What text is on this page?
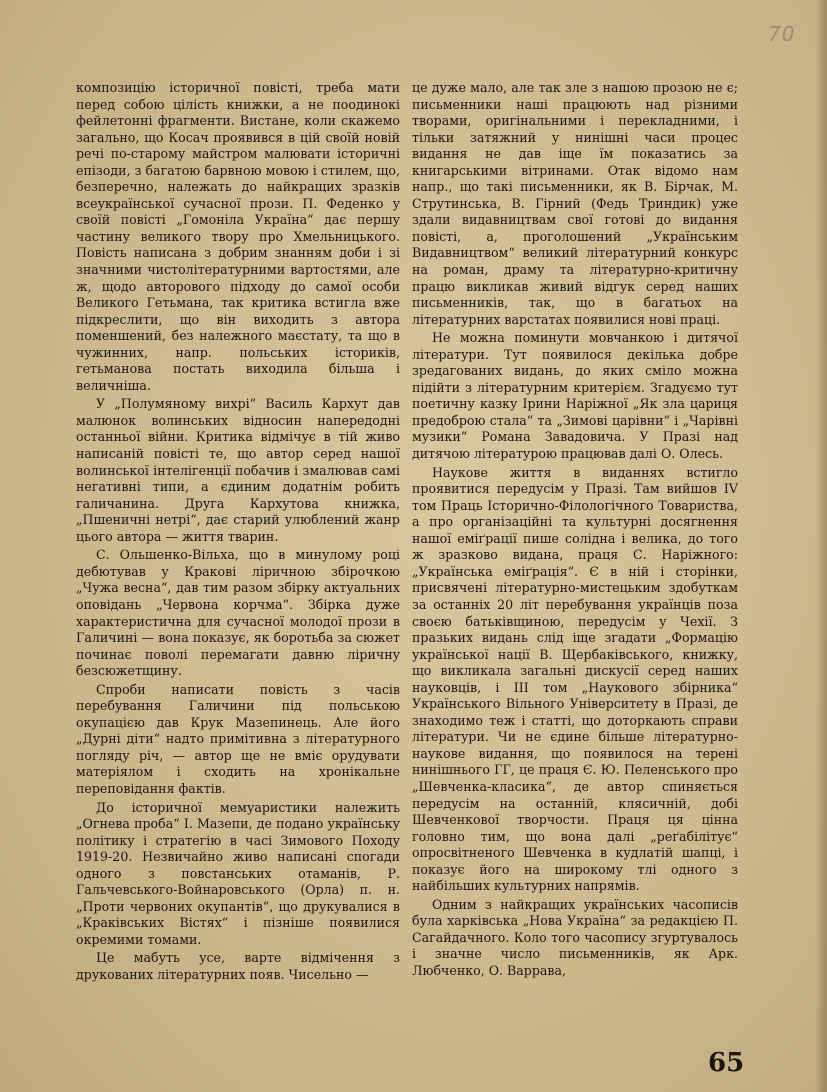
70

композицію історичної повісті, треба мати перед собою цілість книжки, а не поодинокі фейлетонні фрагменти. Вистане, коли скажемо загально, що Косач проявився в цій своїй новій речі по-старому майстром малювати історичні епізоди, з багатою барвною мовою і стилем, що, безперечно, належать до найкращих зразків всеукраїнської сучасної прози. П. Феденко у своїй повісті „Гомоніла Україна“ дає першу частину великого твору про Хмельницького. Повість написана з добрим знанням доби і зі значними чистолітературними вартостями, але ж, щодо авторового підходу до самої особи Великого Гетьмана, так критика встигла вже підкреслити, що він виходить з автора поменшений, без належного маєстату, та що в чужинних, напр. польських істориків, гетьманова постать виходила більша і величніша.

У „Полумяному вихрі“ Василь Кархут дав малюнок волинських відносин напередодні останньої війни. Критика відмічує в тій живо написаній повісті те, що автор серед нашої волинської інтелігенції побачив і змалював самі негативні типи, а єдиним додатнім робить галичанина. Друга Кархутова книжка, „Пшеничні нетрі“, дає старий улюблений жанр цього автора — життя тварин.

С. Ольшенко-Вільха, що в минулому році дебютував у Кракові ліричною збірочкою „Чужа весна“, дав тим разом збірку актуальних оповідань „Червона корчма“. Збірка дуже характеристична для сучасної молодої прози в Галичині — вона показує, як боротьба за сюжет починає поволі перемагати давню ліричну безсюжетщину.

Спроби написати повість з часів перебування Галичини під польською окупацією дав Крук Мазепинець. Але його „Дурні діти“ надто примітивна з літературного погляду річ, — автор ще не вміє орудувати матеріялом і сходить на хронікальне переповідання фактів.

До історичної мемуаристики належить „Огнева проба“ І. Мазепи, де подано українську політику і стратегію в часі Зимового Походу 1919-20. Незвичайно живо написані спогади одного з повстанських отаманів, Р. Гальчевського-Войнаровського (Орла) п. н. „Проти червоних окупантів“, що друкувалися в „Краківських Вістях“ і пізніше появилися окремими томами.

Це мабуть усе, варте відмічення з друкованих літературних появ. Чисельно —

це дуже мало, але так зле з нашою прозою не є; письменники наші працюють над різними творами, оригінальними і перекладними, і тільки затяжний у нинішні часи процес видання не дав іще їм показатись за книгарськими вітринами. Отак відомо нам напр., що такі письменники, як В. Бірчак, М. Струтинська, В. Гірний (Федь Триндик) уже здали видавництвам свої готові до видання повісті, а, проголошений „Українським Видавництвом“ великий літературний конкурс на роман, драму та літературно-критичну працю викликав живий відгук серед наших письменників, так, що в багатьох на літературних варстатах появилися нові праці.

Не можна поминути мовчанкою і дитячої літератури. Тут появилося декілька добре зредагованих видань, до яких сміло можна підійти з літературним критерієм. Згадуємо тут поетичну казку Ірини Наріжної „Як зла цариця предоброю стала“ та „Зимові царівни“ і „Чарівні музики“ Романа Завадовича. У Празі над дитячою літературою працював далі О. Олесь.

Наукове життя в виданнях встигло проявитися передусім у Празі. Там вийшов IV том Праць Історично-Філологічного Товариства, а про організаційні та культурні досягнення нашої еміґрації пише солідна і велика, до того ж зразково видана, праця С. Наріжного: „Українська еміґрація“. Є в ній і сторінки, присвячені літературно-мистецьким здобуткам за останніх 20 літ перебування українців поза своєю батьківщиною, передусім у Чехії. З празьких видань слід іще згадати „Формацію української нації В. Щербаківського, книжку, що викликала загальні дискусії серед наших науковців, і III том „Наукового збірника“ Українського Вільного Університету в Празі, де знаходимо теж і статті, що доторкають справи літератури. Чи не єдине більше літературно-наукове видання, що появилося на терені нинішнього ГГ, це праця Є. Ю. Пеленського про „Шевченка-класика“, де автор спиняється передусім на останній, клясичній, добі Шевченкової творчости. Праця ця цінна головно тим, що вона далі „реґабілітує“ опросвітненого Шевченка в кудлатій шапці, і показує його на широкому тлі одного з найбільших культурних напрямів.

Одним з найкращих українських часописів була харківська „Нова Україна“ за редакцією П. Сагайдачного. Коло того часопису згуртувалось і значне число письменників, як Арк. Любченко, О. Варрава,

65
